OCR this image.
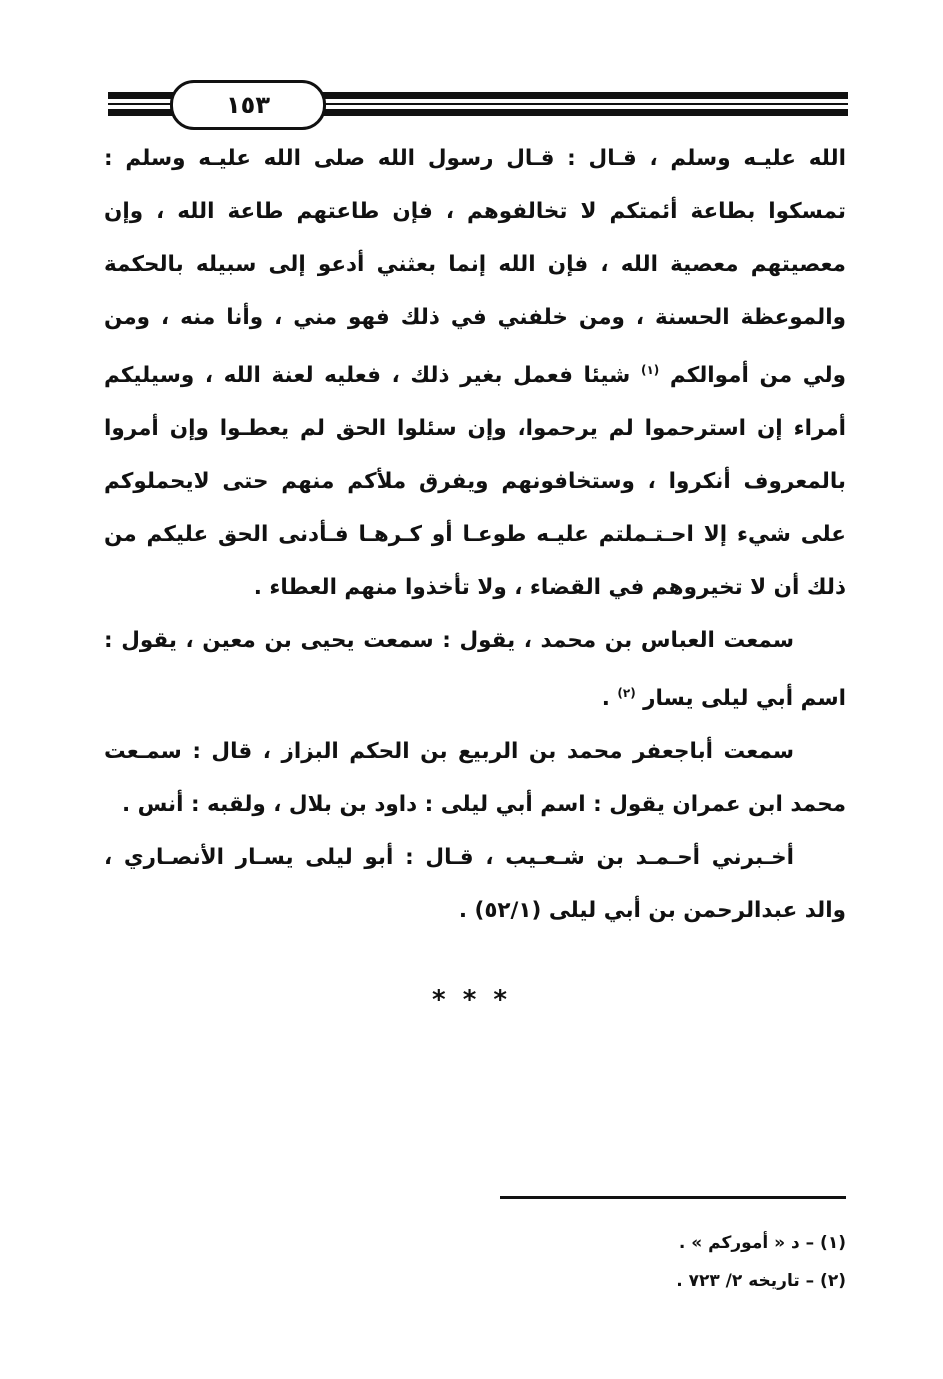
١٥٣

الله عليـه وسلم ، قـال : قـال رسول الله صلى الله عليـه وسلم : تمسكوا بطاعة أئمتكم لا تخالفوهم ، فإن طاعتهم طاعة الله ، وإن معصيتهم معصية الله ، فإن الله إنما بعثني أدعو إلى سبيله بالحكمة والموعظة الحسنة ، ومن خلفني في ذلك فهو مني ، وأنا منه ، ومن ولي من أموالكم $^{(١)}$ شيئا فعمل بغير ذلك ، فعليه لعنة الله ، وسيليكم أمراء إن استرحموا لم يرحموا، وإن سئلوا الحق لم يعطـوا وإن أمروا بالمعروف أنكروا ، وستخافونهم ويفرق ملأكم منهم حتى لايحملوكم على شيء إلا احـتـملتم عليـه طوعـا أو كـرهـا فـأدنى الحق عليكم من ذلك أن لا تخيروهم في القضاء ، ولا تأخذوا منهم العطاء .

سمعت العباس بن محمد ، يقول : سمعت يحيى بن معين ، يقول : اسم أبي ليلى يسار $^{(٢)}$ .

سمعت أباجعفر محمد بن الربيع بن الحكم البزاز ، قال : سمـعت محمد ابن عمران يقول : اسم أبي ليلى : داود بن بلال ، ولقبه : أنس .

أخـبرني أحـمـد بن شـعـيب ، قـال : أبو ليلى يسـار الأنصـاري ، والد عبدالرحمن بن أبي ليلى (٥٢/١) .

* * *
(١) – د « أموركم » .
(٢) – تاريخه ٢/ ٧٢٣ .
